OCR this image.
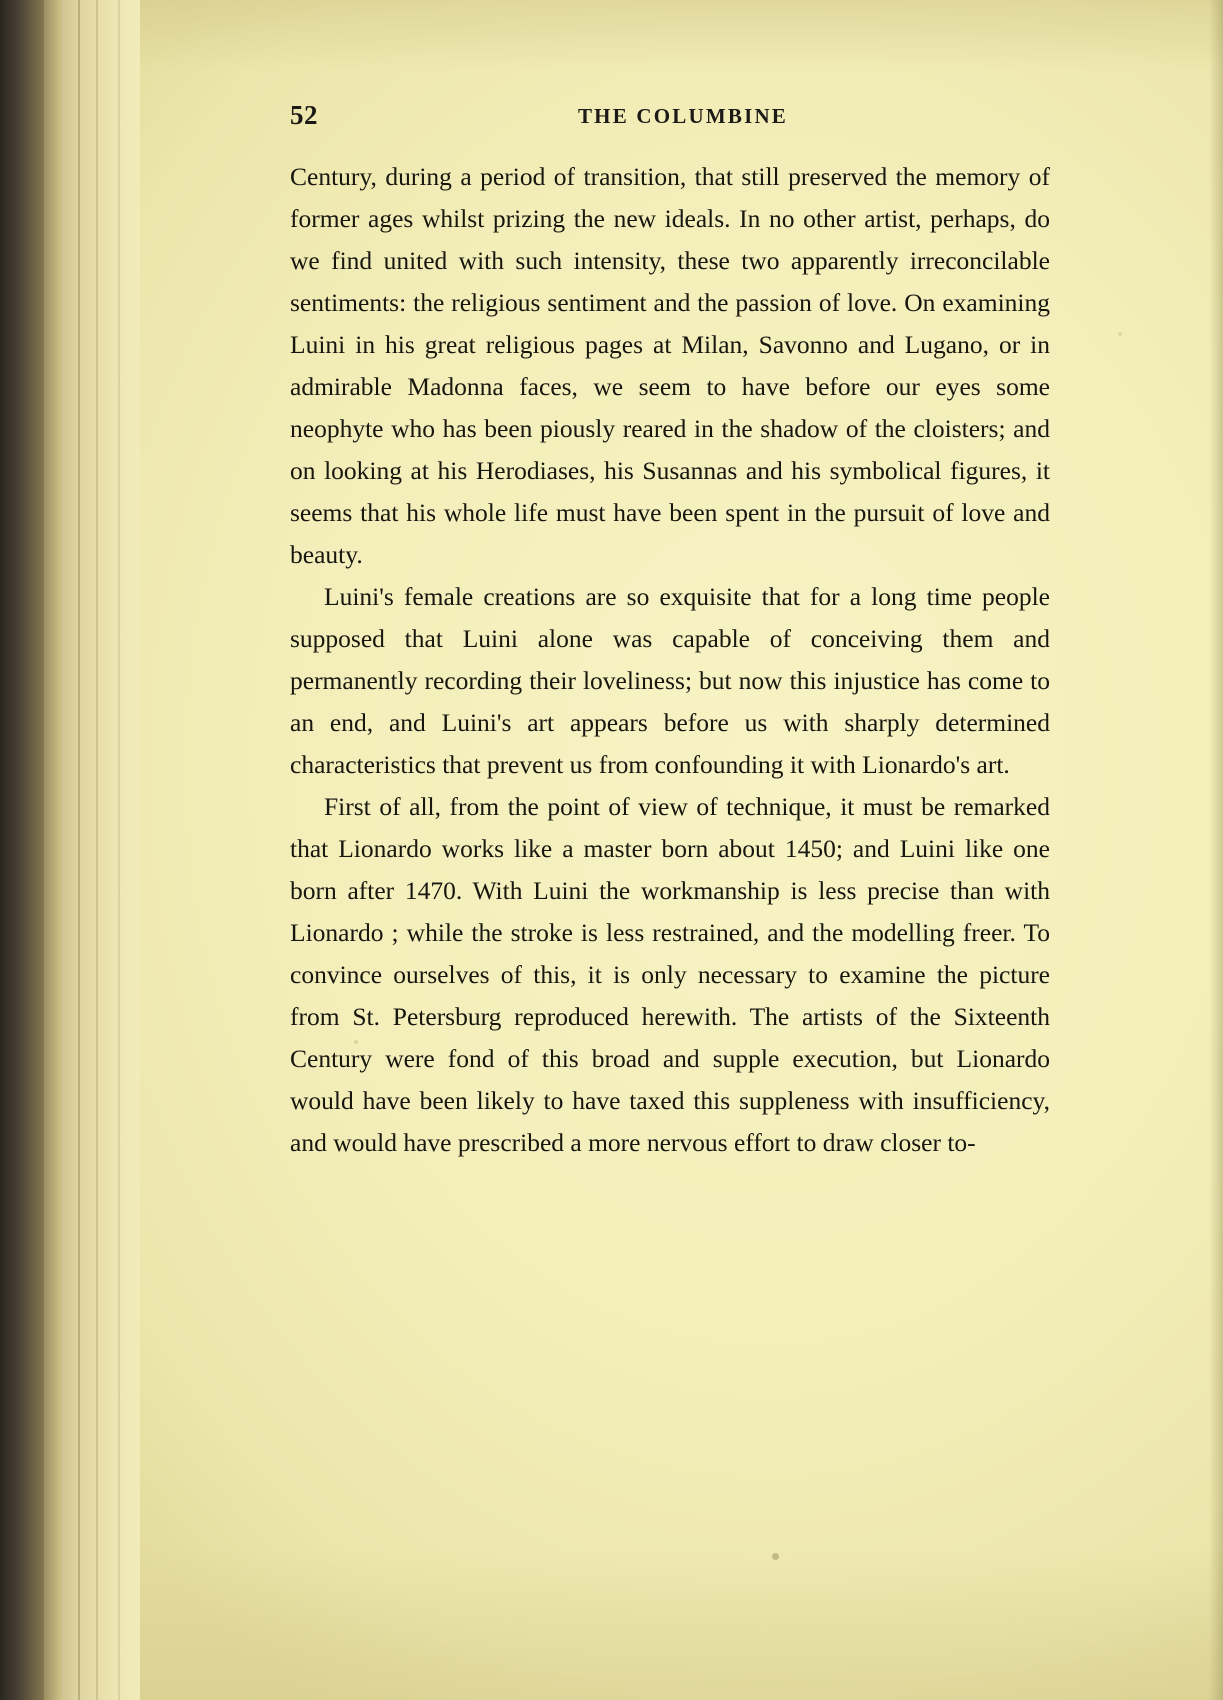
52	THE COLUMBINE

Century, during a period of transition, that still preserved the memory of former ages whilst prizing the new ideals. In no other artist, perhaps, do we find united with such intensity, these two apparently irreconcilable sentiments: the religious sentiment and the passion of love. On examining Luini in his great religious pages at Milan, Savonno and Lugano, or in admirable Madonna faces, we seem to have before our eyes some neophyte who has been piously reared in the shadow of the cloisters; and on looking at his Herodiases, his Susannas and his symbolical figures, it seems that his whole life must have been spent in the pursuit of love and beauty.

Luini's female creations are so exquisite that for a long time people supposed that Luini alone was capable of conceiving them and permanently recording their loveliness; but now this injustice has come to an end, and Luini's art appears before us with sharply determined characteristics that prevent us from confounding it with Lionardo's art.

First of all, from the point of view of technique, it must be remarked that Lionardo works like a master born about 1450; and Luini like one born after 1470. With Luini the workmanship is less precise than with Lionardo ; while the stroke is less restrained, and the modelling freer. To convince ourselves of this, it is only necessary to examine the picture from St. Petersburg reproduced herewith. The artists of the Sixteenth Century were fond of this broad and supple execution, but Lionardo would have been likely to have taxed this suppleness with insufficiency, and would have prescribed a more nervous effort to draw closer to-
